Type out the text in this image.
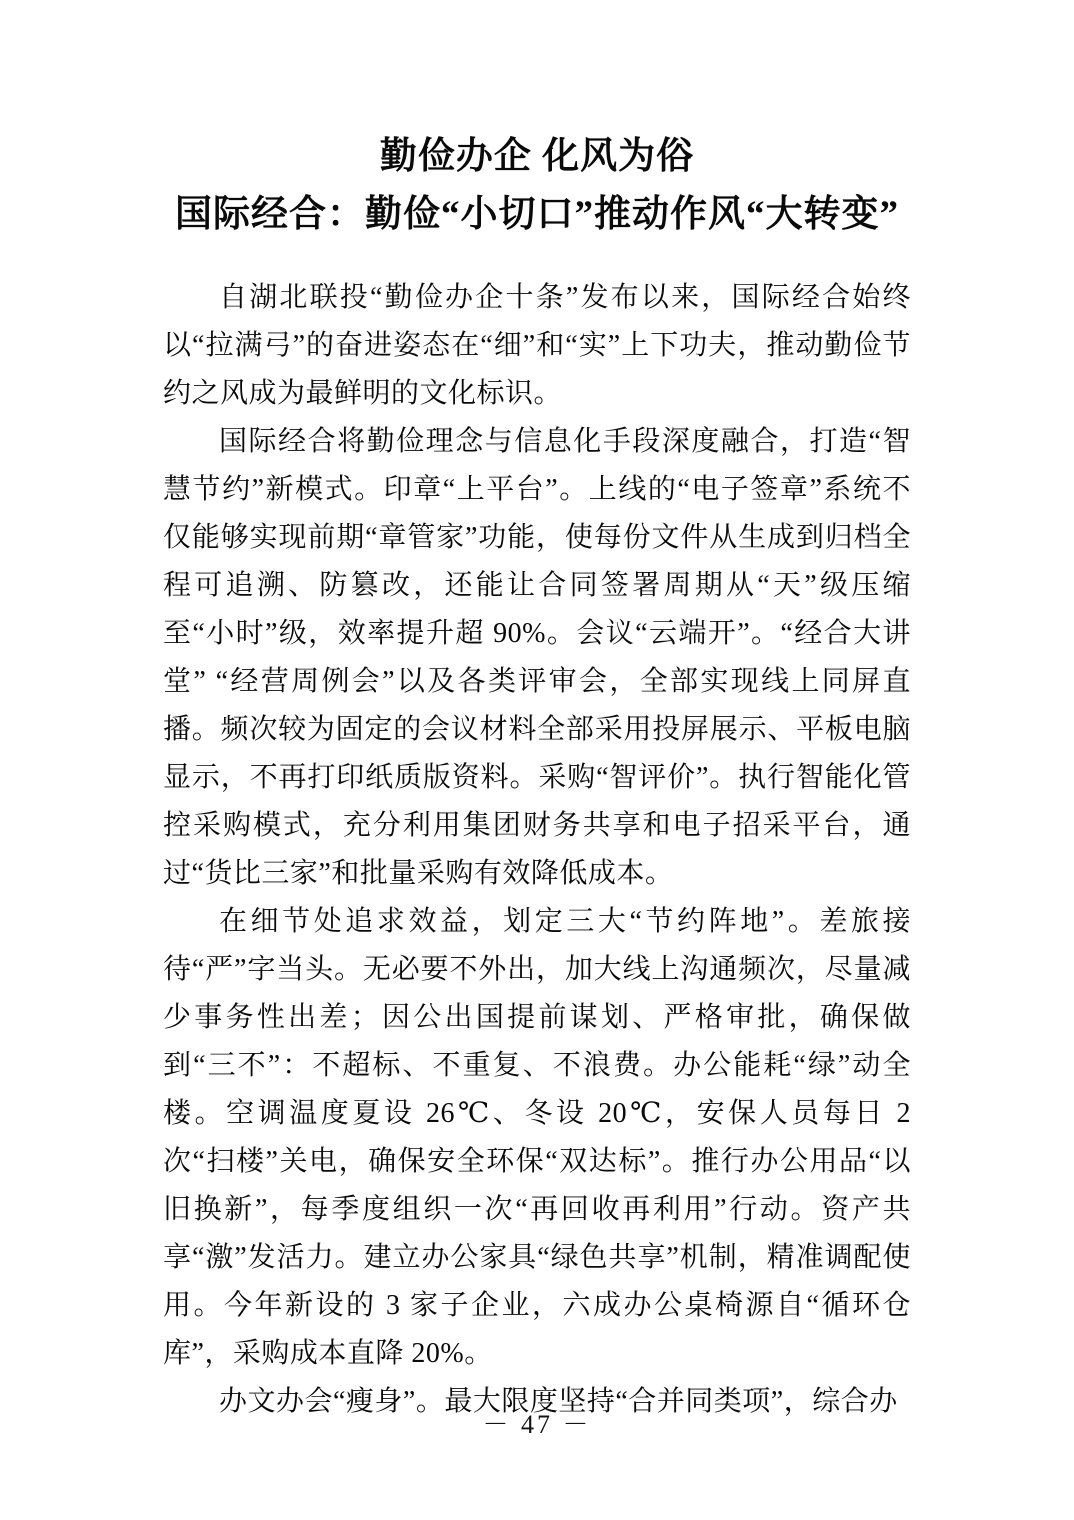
勤俭办企 化风为俗
国际经合：勤俭“小切口”推动作风“大转变”

自湖北联投“勤俭办企十条”发布以来，国际经合始终以“拉满弓”的奋进姿态在“细”和“实”上下功夫，推动勤俭节约之风成为最鲜明的文化标识。

国际经合将勤俭理念与信息化手段深度融合，打造“智慧节约”新模式。印章“上平台”。上线的“电子签章”系统不仅能够实现前期“章管家”功能，使每份文件从生成到归档全程可追溯、防篡改，还能让合同签署周期从“天”级压缩至“小时”级，效率提升超 90%。会议“云端开”。“经合大讲堂” “经营周例会”以及各类评审会，全部实现线上同屏直播。频次较为固定的会议材料全部采用投屏展示、平板电脑显示，不再打印纸质版资料。采购“智评价”。执行智能化管控采购模式，充分利用集团财务共享和电子招采平台，通过“货比三家”和批量采购有效降低成本。

在细节处追求效益，划定三大“节约阵地”。差旅接待“严”字当头。无必要不外出，加大线上沟通频次，尽量减少事务性出差；因公出国提前谋划、严格审批，确保做到“三不”：不超标、不重复、不浪费。办公能耗“绿”动全楼。空调温度夏设 26℃、冬设 20℃，安保人员每日 2 次“扫楼”关电，确保安全环保“双达标”。推行办公用品“以旧换新”，每季度组织一次“再回收再利用”行动。资产共享“激”发活力。建立办公家具“绿色共享”机制，精准调配使用。今年新设的 3 家子企业，六成办公桌椅源自“循环仓库”，采购成本直降 20%。

办文办会“瘦身”。最大限度坚持“合并同类项”，综合办

－ 47 －
